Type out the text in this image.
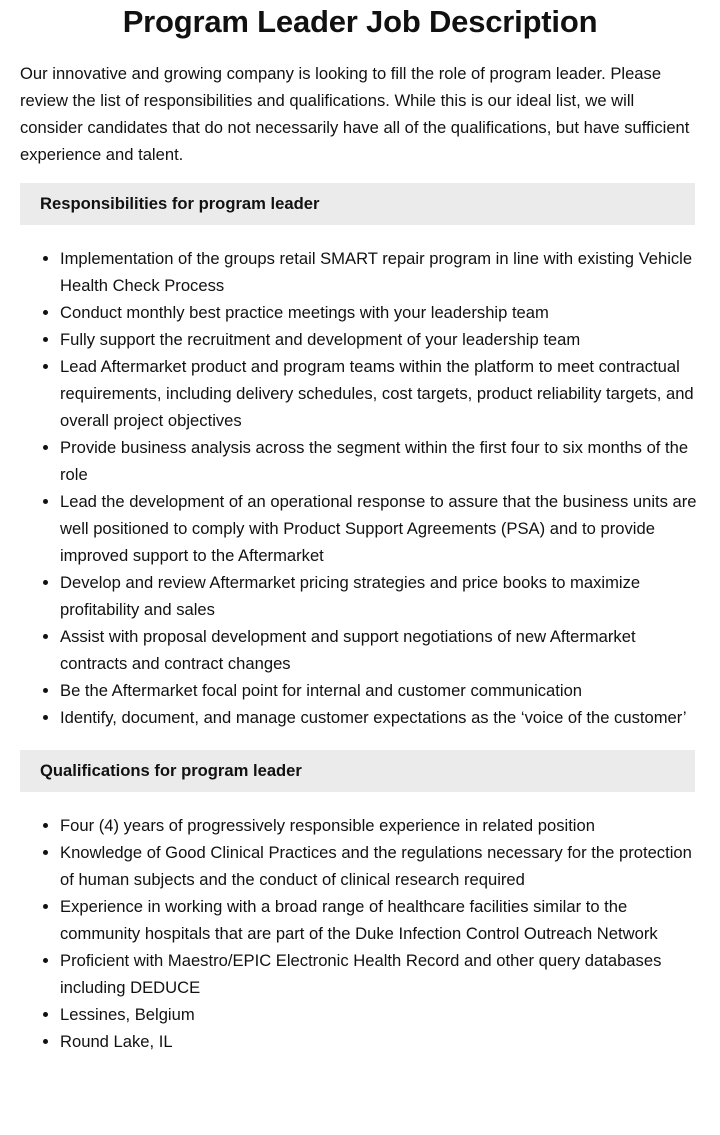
Program Leader Job Description

Our innovative and growing company is looking to fill the role of program leader. Please review the list of responsibilities and qualifications. While this is our ideal list, we will consider candidates that do not necessarily have all of the qualifications, but have sufficient experience and talent.

Responsibilities for program leader
• Implementation of the groups retail SMART repair program in line with existing Vehicle Health Check Process
• Conduct monthly best practice meetings with your leadership team
• Fully support the recruitment and development of your leadership team
• Lead Aftermarket product and program teams within the platform to meet contractual requirements, including delivery schedules, cost targets, product reliability targets, and overall project objectives
• Provide business analysis across the segment within the first four to six months of the role
• Lead the development of an operational response to assure that the business units are well positioned to comply with Product Support Agreements (PSA) and to provide improved support to the Aftermarket
• Develop and review Aftermarket pricing strategies and price books to maximize profitability and sales
• Assist with proposal development and support negotiations of new Aftermarket contracts and contract changes
• Be the Aftermarket focal point for internal and customer communication
• Identify, document, and manage customer expectations as the ‘voice of the customer’
Qualifications for program leader
• Four (4) years of progressively responsible experience in related position
• Knowledge of Good Clinical Practices and the regulations necessary for the protection of human subjects and the conduct of clinical research required
• Experience in working with a broad range of healthcare facilities similar to the community hospitals that are part of the Duke Infection Control Outreach Network
• Proficient with Maestro/EPIC Electronic Health Record and other query databases including DEDUCE
• Lessines, Belgium
• Round Lake, IL
